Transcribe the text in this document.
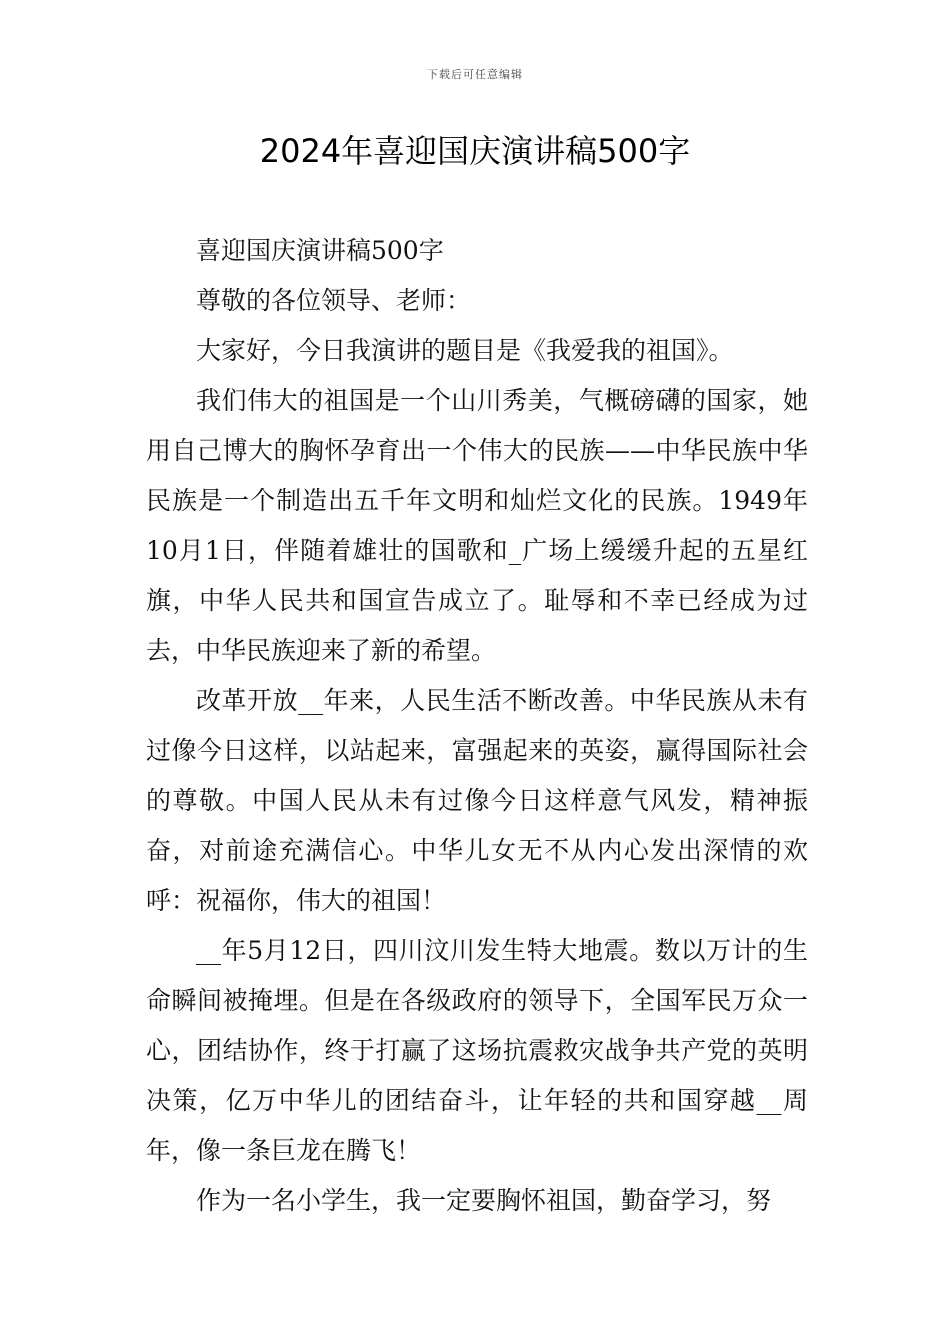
下载后可任意编辑
2024年喜迎国庆演讲稿500字

喜迎国庆演讲稿500字

尊敬的各位领导、老师：

大家好，今日我演讲的题目是《我爱我的祖国》。

我们伟大的祖国是一个山川秀美，气概磅礴的国家，她用自己博大的胸怀孕育出一个伟大的民族——中华民族中华民族是一个制造出五千年文明和灿烂文化的民族。1949年10月1日，伴随着雄壮的国歌和_广场上缓缓升起的五星红旗，中华人民共和国宣告成立了。耻辱和不幸已经成为过去，中华民族迎来了新的希望。

改革开放__年来，人民生活不断改善。中华民族从未有过像今日这样，以站起来，富强起来的英姿，赢得国际社会的尊敬。中国人民从未有过像今日这样意气风发，精神振奋，对前途充满信心。中华儿女无不从内心发出深情的欢呼：祝福你，伟大的祖国！

__年5月12日，四川汶川发生特大地震。数以万计的生命瞬间被掩埋。但是在各级政府的领导下，全国军民万众一心，团结协作，终于打赢了这场抗震救灾战争共产党的英明决策，亿万中华儿的团结奋斗，让年轻的共和国穿越__周年，像一条巨龙在腾飞！

作为一名小学生，我一定要胸怀祖国，勤奋学习，努
